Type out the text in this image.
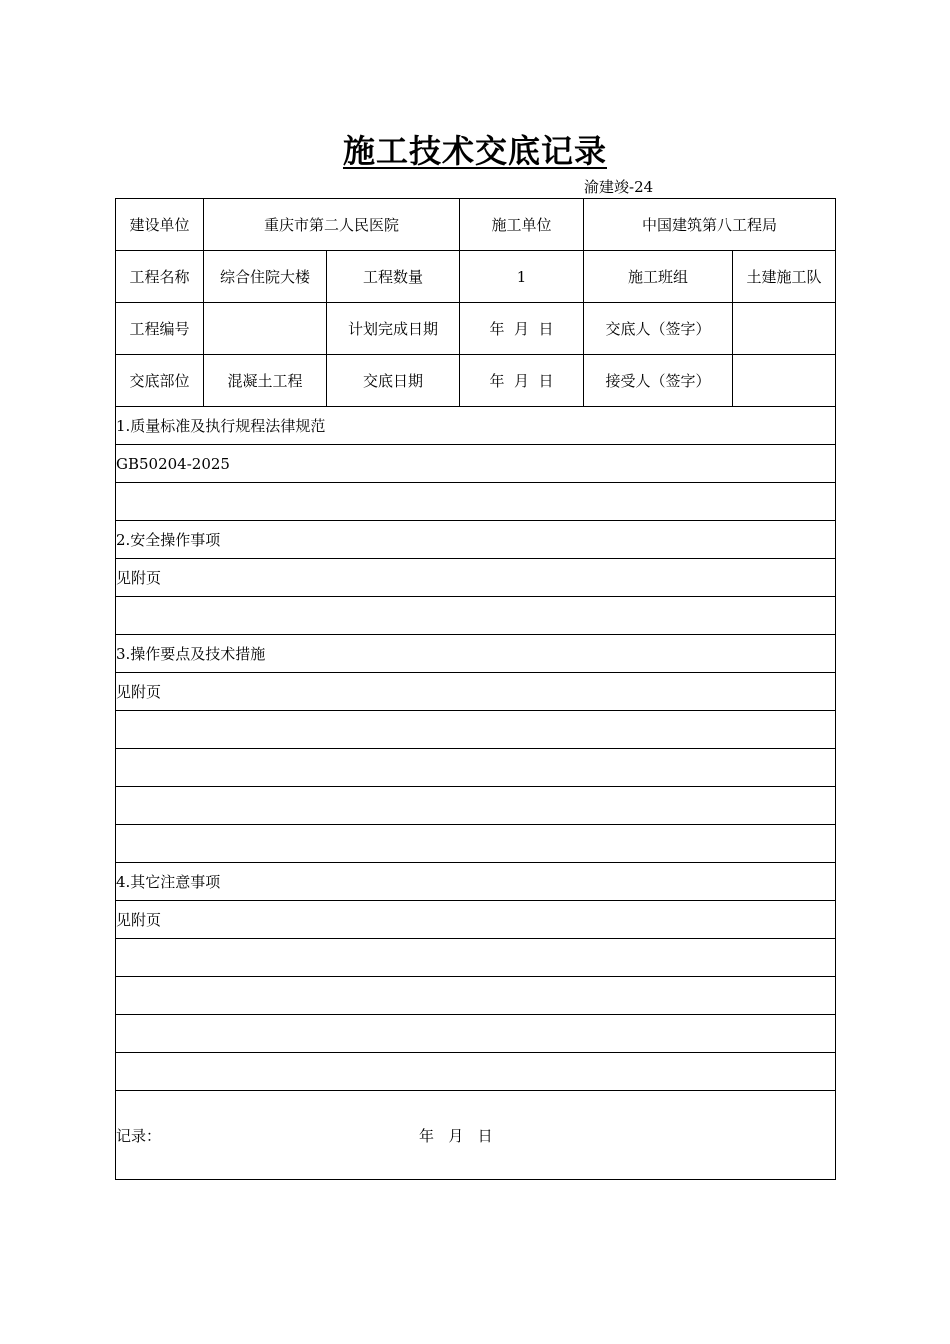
施工技术交底记录
渝建竣-24
建设单位	重庆市第二人民医院		施工单位	中国建筑第八工程局	
工程名称	综合住院大楼	工程数量	1	施工班组	土建施工队
工程编号		计划完成日期	年  月  日	交底人（签字）	
交底部位	混凝土工程	交底日期	年  月  日	接受人（签字）	
1.质量标准及执行规程法律规范					
GB50204-2025					

2.安全操作事项					
见附页					

3.操作要点及技术措施					
见附页					

4.其它注意事项					
见附页					

记录： 年   月   日					
